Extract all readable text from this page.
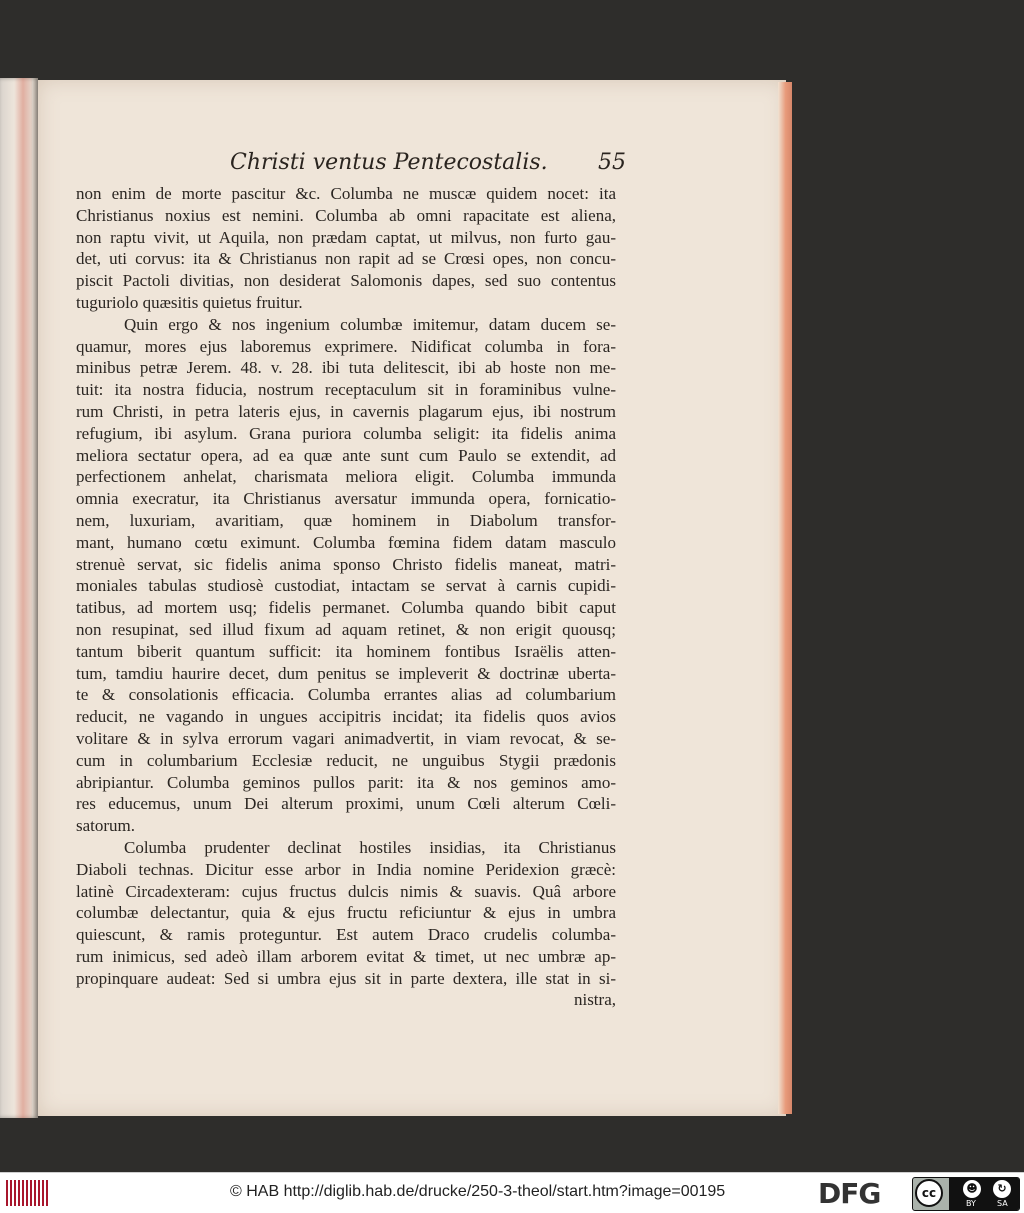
Christi ventus Pentecostalis.	55
non enim de morte pascitur &c. Columba ne muscæ quidem nocet: ita
Christianus noxius est nemini. Columba ab omni rapacitate est aliena,
non raptu vivit, ut Aquila, non prædam captat, ut milvus, non furto gau-
det, uti corvus: ita & Christianus non rapit ad se Crœsi opes, non concu-
piscit Pactoli divitias, non desiderat Salomonis dapes, sed suo contentus
tuguriolo quæsitis quietus fruitur.
Quin ergo & nos ingenium columbæ imitemur, datam ducem se-
quamur, mores ejus laboremus exprimere. Nidificat columba in fora-
minibus petræ Jerem. 48. v. 28. ibi tuta delitescit, ibi ab hoste non me-
tuit: ita nostra fiducia, nostrum receptaculum sit in foraminibus vulne-
rum Christi, in petra lateris ejus, in cavernis plagarum ejus, ibi nostrum
refugium, ibi asylum. Grana puriora columba seligit: ita fidelis anima
meliora sectatur opera, ad ea quæ ante sunt cum Paulo se extendit, ad
perfectionem anhelat, charismata meliora eligit. Columba immunda
omnia execratur, ita Christianus aversatur immunda opera, fornicatio-
nem, luxuriam, avaritiam, quæ hominem in Diabolum transfor-
mant, humano cœtu eximunt. Columba fœmina fidem datam masculo
strenuè servat, sic fidelis anima sponso Christo fidelis maneat, matri-
moniales tabulas studiosè custodiat, intactam se servat à carnis cupidi-
tatibus, ad mortem usq; fidelis permanet. Columba quando bibit caput
non resupinat, sed illud fixum ad aquam retinet, & non erigit quousq;
tantum biberit quantum sufficit: ita hominem fontibus Israëlis atten-
tum, tamdiu haurire decet, dum penitus se impleverit & doctrinæ uberta-
te & consolationis efficacia. Columba errantes alias ad columbarium
reducit, ne vagando in ungues accipitris incidat; ita fidelis quos avios
volitare & in sylva errorum vagari animadvertit, in viam revocat, & se-
cum in columbarium Ecclesiæ reducit, ne unguibus Stygii prædonis
abripiantur. Columba geminos pullos parit: ita & nos geminos amo-
res educemus, unum Dei alterum proximi, unum Cœli alterum Cœli-
satorum.
Columba prudenter declinat hostiles insidias, ita Christianus
Diaboli technas. Dicitur esse arbor in India nomine Peridexion græcè:
latinè Circadexteram: cujus fructus dulcis nimis & suavis. Quâ arbore
columbæ delectantur, quia & ejus fructu reficiuntur & ejus in umbra
quiescunt, & ramis proteguntur. Est autem Draco crudelis columba-
rum inimicus, sed adeò illam arborem evitat & timet, ut nec umbræ ap-
propinquare audeat: Sed si umbra ejus sit in parte dextera, ille stat in si-
nistra,
© HAB http://diglib.hab.de/drucke/250-3-theol/start.htm?image=00195	DFG	cc	☻	↻
BY	SA
